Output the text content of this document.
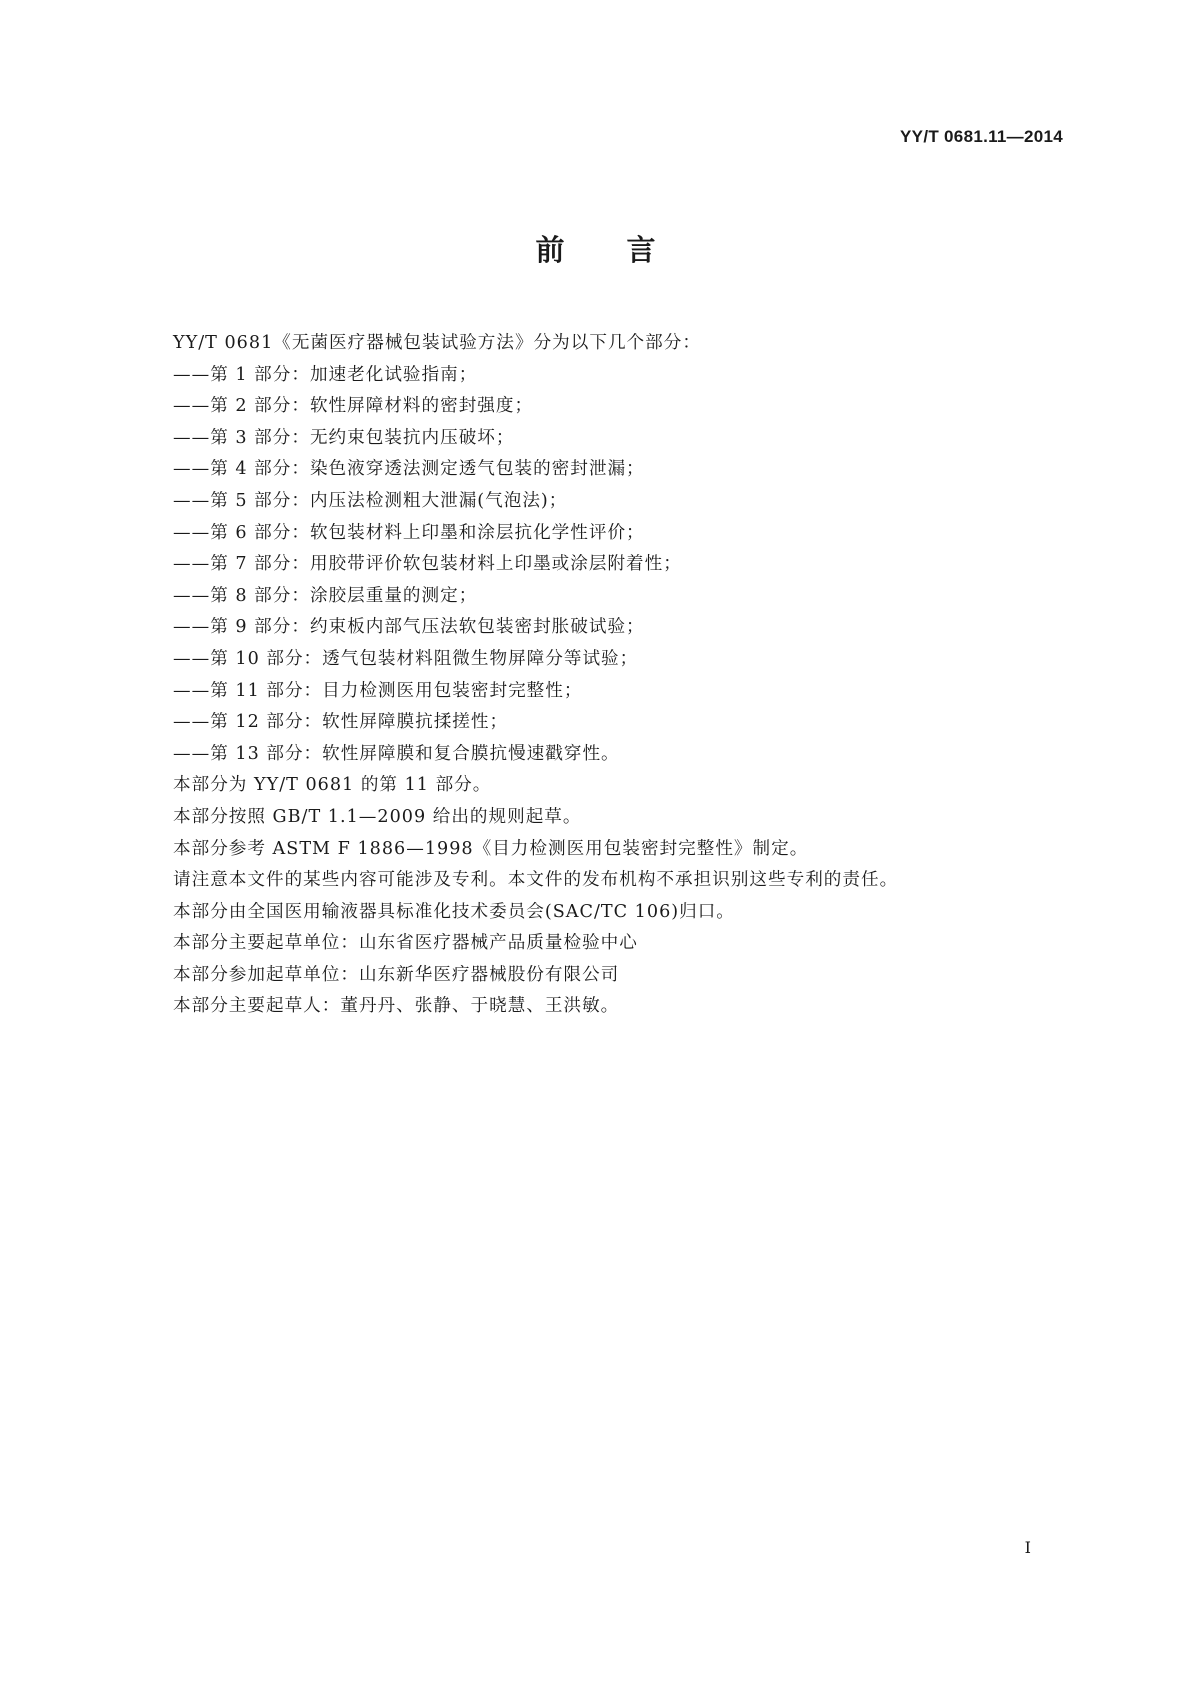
YY/T 0681.11—2014
前言
YY/T 0681《无菌医疗器械包装试验方法》分为以下几个部分：
——第 1 部分：加速老化试验指南；
——第 2 部分：软性屏障材料的密封强度；
——第 3 部分：无约束包装抗内压破坏；
——第 4 部分：染色液穿透法测定透气包装的密封泄漏；
——第 5 部分：内压法检测粗大泄漏(气泡法)；
——第 6 部分：软包装材料上印墨和涂层抗化学性评价；
——第 7 部分：用胶带评价软包装材料上印墨或涂层附着性；
——第 8 部分：涂胶层重量的测定；
——第 9 部分：约束板内部气压法软包装密封胀破试验；
——第 10 部分：透气包装材料阻微生物屏障分等试验；
——第 11 部分：目力检测医用包装密封完整性；
——第 12 部分：软性屏障膜抗揉搓性；
——第 13 部分：软性屏障膜和复合膜抗慢速戳穿性。
本部分为 YY/T 0681 的第 11 部分。
本部分按照 GB/T 1.1—2009 给出的规则起草。
本部分参考 ASTM F 1886—1998《目力检测医用包装密封完整性》制定。
请注意本文件的某些内容可能涉及专利。本文件的发布机构不承担识别这些专利的责任。
本部分由全国医用输液器具标准化技术委员会(SAC/TC 106)归口。
本部分主要起草单位：山东省医疗器械产品质量检验中心
本部分参加起草单位：山东新华医疗器械股份有限公司
本部分主要起草人：董丹丹、张静、于晓慧、王洪敏。
I
